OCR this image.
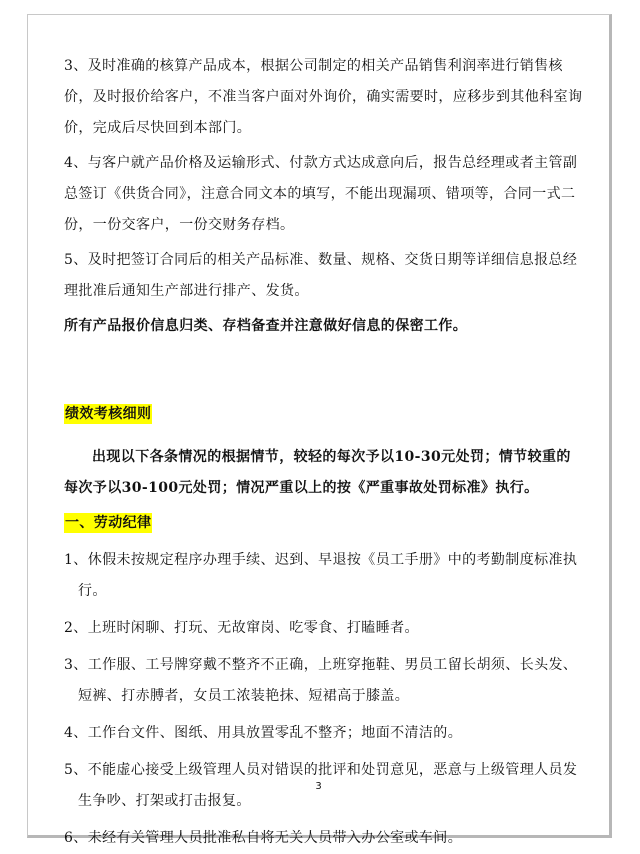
3、及时准确的核算产品成本，根据公司制定的相关产品销售利润率进行销售核价，及时报价给客户，不准当客户面对外询价，确实需要时，应移步到其他科室询价，完成后尽快回到本部门。

4、与客户就产品价格及运输形式、付款方式达成意向后，报告总经理或者主管副总签订《供货合同》，注意合同文本的填写，不能出现漏项、错项等，合同一式二份，一份交客户，一份交财务存档。

5、及时把签订合同后的相关产品标准、数量、规格、交货日期等详细信息报总经理批准后通知生产部进行排产、发货。

所有产品报价信息归类、存档备查并注意做好信息的保密工作。

绩效考核细则

出现以下各条情况的根据情节，较轻的每次予以10-30元处罚；情节较重的每次予以30-100元处罚；情况严重以上的按《严重事故处罚标准》执行。

一、劳动纪律

1、休假未按规定程序办理手续、迟到、早退按《员工手册》中的考勤制度标准执行。

2、上班时闲聊、打玩、无故窜岗、吃零食、打瞌睡者。

3、工作服、工号牌穿戴不整齐不正确，上班穿拖鞋、男员工留长胡须、长头发、短裤、打赤膊者，女员工浓装艳抹、短裙高于膝盖。

4、工作台文件、图纸、用具放置零乱不整齐；地面不清洁的。

5、不能虚心接受上级管理人员对错误的批评和处罚意见，恶意与上级管理人员发生争吵、打架或打击报复。

6、未经有关管理人员批准私自将无关人员带入办公室或车间。

3
